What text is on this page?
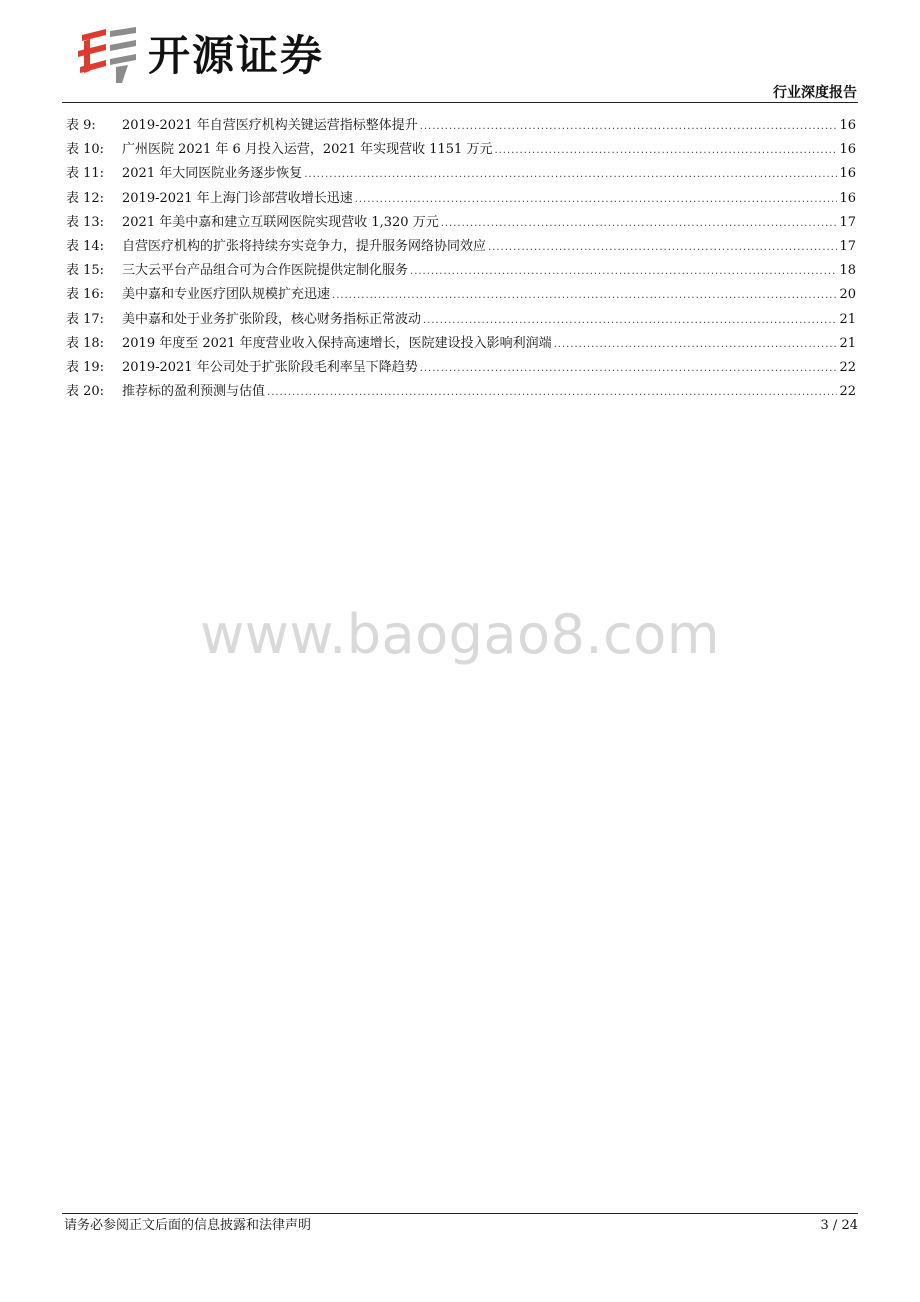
开源证券
行业深度报告
表 9:	2019-2021 年自营医疗机构关键运营指标整体提升 .....	16
表 10:	广州医院 2021 年 6 月投入运营，2021 年实现营收 1151 万元 .....	16
表 11:	2021 年大同医院业务逐步恢复 .....	16
表 12:	2019-2021 年上海门诊部营收增长迅速 .....	16
表 13:	2021 年美中嘉和建立互联网医院实现营收 1,320 万元 .....	17
表 14:	自营医疗机构的扩张将持续夯实竞争力，提升服务网络协同效应 .....	17
表 15:	三大云平台产品组合可为合作医院提供定制化服务 .....	18
表 16:	美中嘉和专业医疗团队规模扩充迅速 .....	20
表 17:	美中嘉和处于业务扩张阶段，核心财务指标正常波动 .....	21
表 18:	2019 年度至 2021 年度营业收入保持高速增长，医院建设投入影响利润端 .....	21
表 19:	2019-2021 年公司处于扩张阶段毛利率呈下降趋势 .....	22
表 20:	推荐标的盈利预测与估值 .....	22
www.baogao8.com
请务必参阅正文后面的信息披露和法律声明	3 / 24
